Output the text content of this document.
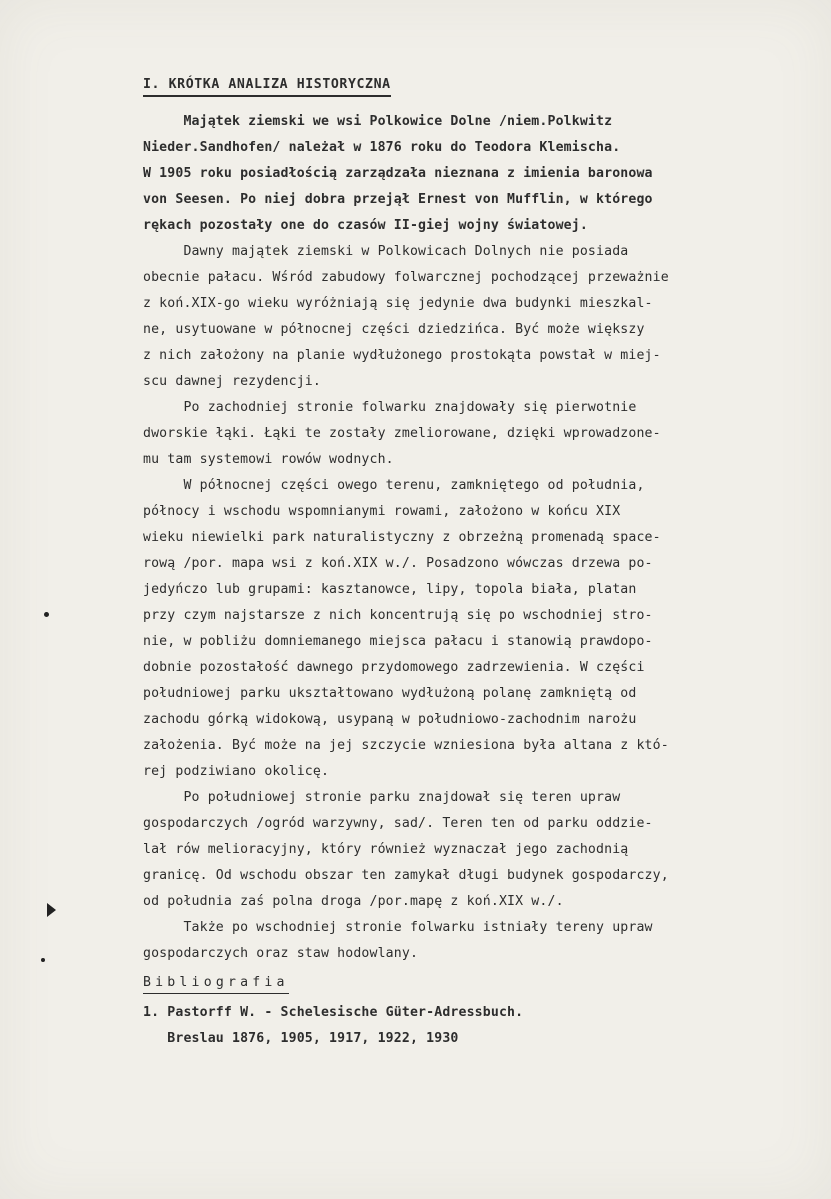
I. KRÓTKA ANALIZA HISTORYCZNA
Majątek ziemski we wsi Polkowice Dolne /niem.Polkwitz
Nieder.Sandhofen/ należał w 1876 roku do Teodora Klemischa.
W 1905 roku posiadłością zarządzała nieznana z imienia baronowa
von Seesen. Po niej dobra przejął Ernest von Mufflin, w którego
rękach pozostały one do czasów II-giej wojny światowej.
Dawny majątek ziemski w Polkowicach Dolnych nie posiada
obecnie pałacu. Wśród zabudowy folwarcznej pochodzącej przeważnie
z koń.XIX-go wieku wyróżniają się jedynie dwa budynki mieszkal-
ne, usytuowane w północnej części dziedzińca. Być może większy
z nich założony na planie wydłużonego prostokąta powstał w miej-
scu dawnej rezydencji.
Po zachodniej stronie folwarku znajdowały się pierwotnie
dworskie łąki. Łąki te zostały zmeliorowane, dzięki wprowadzone-
mu tam systemowi rowów wodnych.
W północnej części owego terenu, zamkniętego od południa,
północy i wschodu wspomnianymi rowami, założono w końcu XIX
wieku niewielki park naturalistyczny z obrzeżną promenadą space-
rową /por. mapa wsi z koń.XIX w./. Posadzono wówczas drzewa po-
jedyńczo lub grupami: kasztanowce, lipy, topola biała, platan
przy czym najstarsze z nich koncentrują się po wschodniej stro-
nie, w pobliżu domniemanego miejsca pałacu i stanowią prawdopo-
dobnie pozostałość dawnego przydomowego zadrzewienia. W części
południowej parku ukształtowano wydłużoną polanę zamkniętą od
zachodu górką widokową, usypaną w południowo-zachodnim narożu
założenia. Być może na jej szczycie wzniesiona była altana z któ-
rej podziwiano okolicę.
Po południowej stronie parku znajdował się teren upraw
gospodarczych /ogród warzywny, sad/. Teren ten od parku oddzie-
lał rów melioracyjny, który również wyznaczał jego zachodnią
granicę. Od wschodu obszar ten zamykał długi budynek gospodarczy,
od południa zaś polna droga /por.mapę z koń.XIX w./.
Także po wschodniej stronie folwarku istniały tereny upraw
gospodarczych oraz staw hodowlany.
Bibliografia
1. Pastorff W. - Schelesische Güter-Adressbuch.
Breslau 1876, 1905, 1917, 1922, 1930
